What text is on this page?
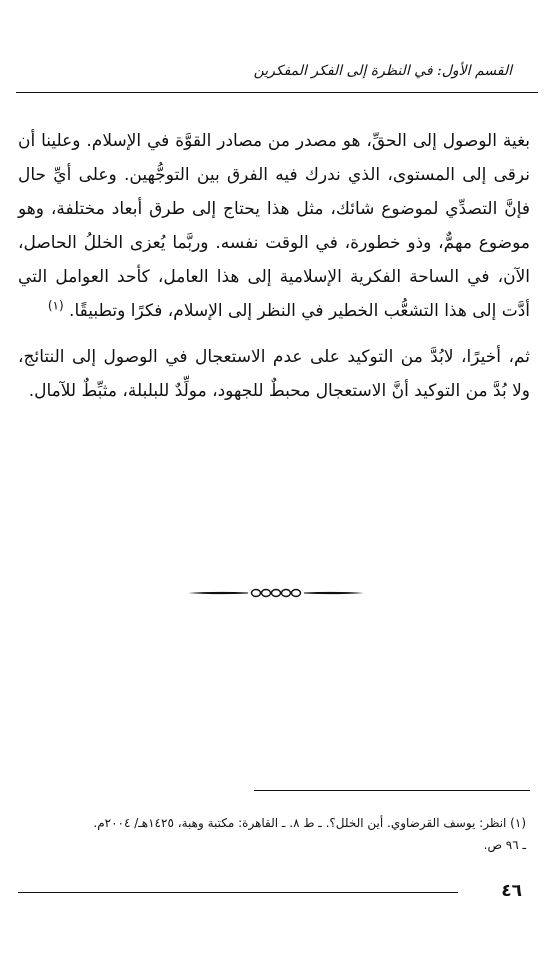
القسم الأول: في النظرة إلى الفكر المفكرين

بغية الوصول إلى الحقِّ، هو مصدر من مصادر القوَّة في الإسلام. وعلينا أن نرقى إلى المستوى، الذي ندرك فيه الفرق بين التوجُّهين. وعلى أيِّ حال فإنَّ التصدِّي لموضوع شائك، مثل هذا يحتاج إلى طرق أبعاد مختلفة، وهو موضوع مهمٌّ، وذو خطورة، في الوقت نفسه. وربَّما يُعزى الخللُ الحاصل، الآن، في الساحة الفكرية الإسلامية إلى هذا العامل، كأحد العوامل التي أدَّت إلى هذا التشعُّب الخطير في النظر إلى الإسلام، فكرًا وتطبيقًا. $^{(١)}$

ثم، أخيرًا، لابُدَّ من التوكيد على عدم الاستعجال في الوصول إلى النتائج، ولا بُدَّ من التوكيد أنَّ الاستعجال محبطٌ للجهود، مولِّدٌ للبلبلة، مثبِّطٌ للآمال.

(١) انظر: يوسف القرضاوي. أين الخلل؟. ـ ط ٨. ـ القاهرة: مكتبة وهبة، ١٤٢٥هـ/ ٢٠٠٤م.

ـ ٩٦ ص.

٤٦
